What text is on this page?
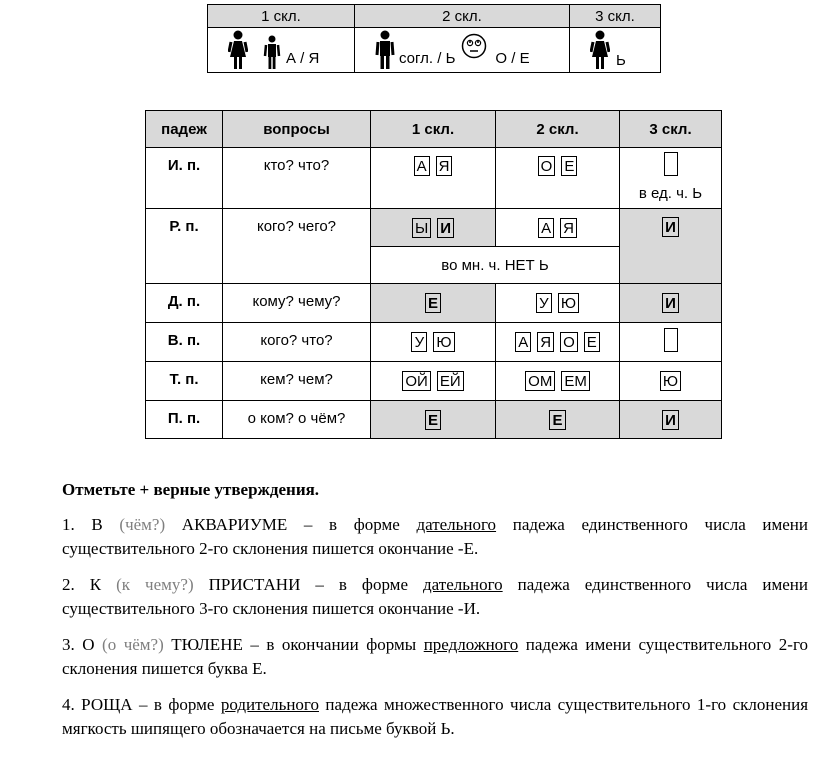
1 скл.	2 скл.	3 скл.

А / Я	согл. / Ь О / Е	Ь
падеж	вопросы	1 скл.	2 скл.	3 скл.
И. п.	кто? что?	А Я	О Е	в ед. ч. Ь

Р. п.	кого? чего?	Ы И	А Я	И
		во мн. ч. НЕТ Ь		
Д. п.	кому? чему?	Е	У Ю	И
В. п.	кого? что?	У Ю	А Я О Е	
Т. п.	кем? чем?	ОЙ ЕЙ	ОМ ЕМ	Ю
П. п.	о ком? о чём?	Е	Е	И

Отметьте + верные утверждения.

1. В (чём?) АКВАРИУМЕ – в форме дательного падежа единственного числа имени существительного 2-го склонения пишется окончание -Е.

2. К (к чему?) ПРИСТАНИ – в форме дательного падежа единственного числа имени существительного 3-го склонения пишется окончание -И.

3. О (о чём?) ТЮЛЕНЕ – в окончании формы предложного падежа имени существительного 2-го склонения пишется буква Е.

4. РОЩА – в форме родительного падежа множественного числа существительного 1-го склонения мягкость шипящего обозначается на письме буквой Ь.
